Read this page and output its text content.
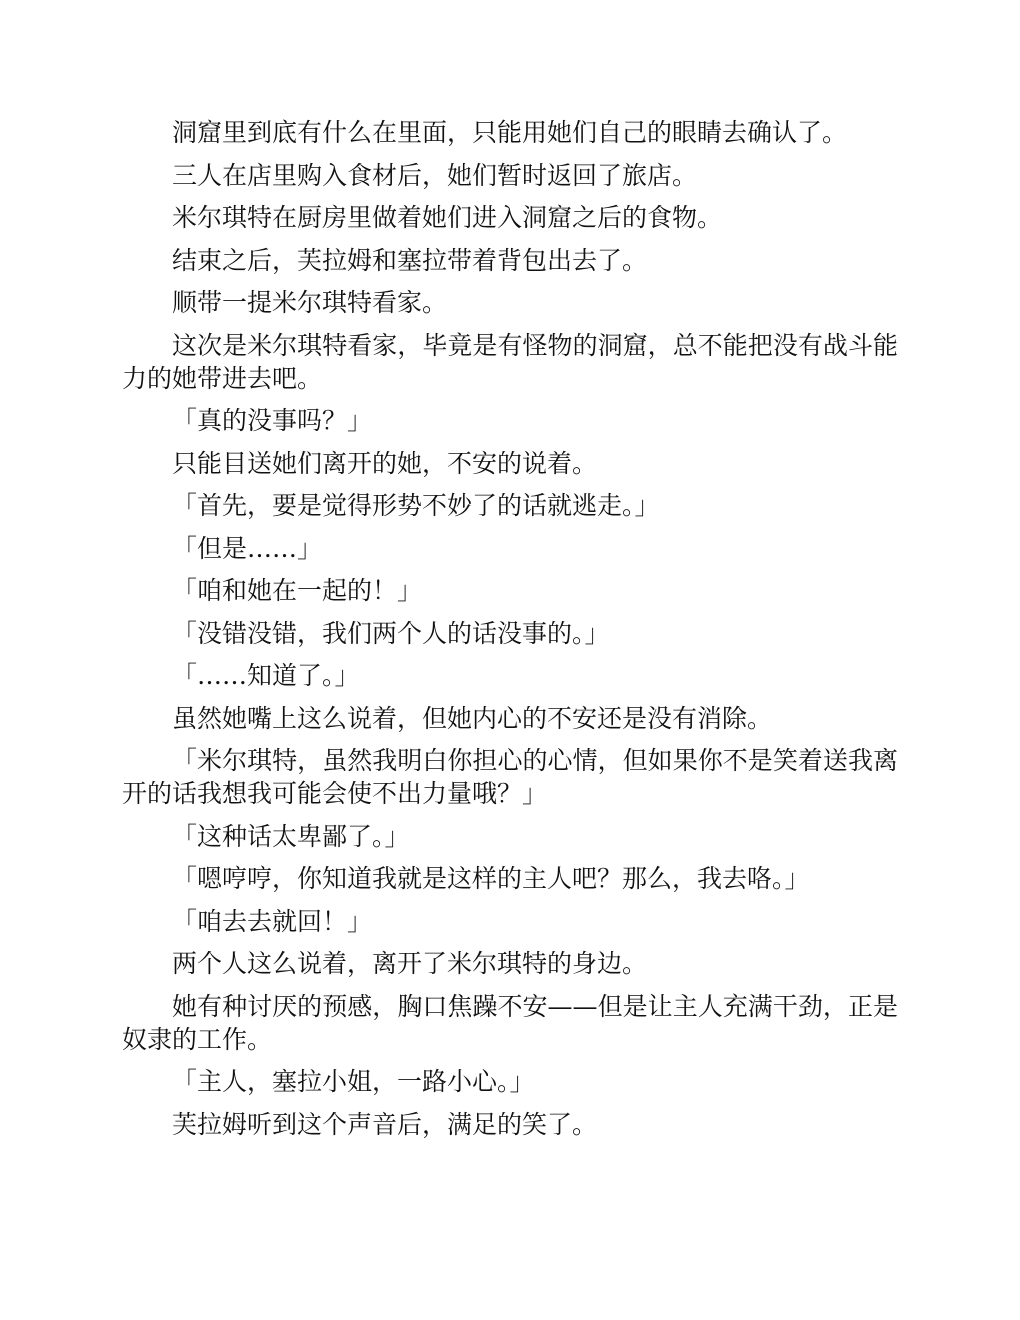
洞窟里到底有什么在里面，只能用她们自己的眼睛去确认了。

三人在店里购入食材后，她们暂时返回了旅店。

米尔琪特在厨房里做着她们进入洞窟之后的食物。

结束之后，芙拉姆和塞拉带着背包出去了。

顺带一提米尔琪特看家。

这次是米尔琪特看家，毕竟是有怪物的洞窟，总不能把没有战斗能力的她带进去吧。

「真的没事吗？」

只能目送她们离开的她，不安的说着。

「首先，要是觉得形势不妙了的话就逃走。」

「但是……」

「咱和她在一起的！」

「没错没错，我们两个人的话没事的。」

「……知道了。」

虽然她嘴上这么说着，但她内心的不安还是没有消除。

「米尔琪特，虽然我明白你担心的心情，但如果你不是笑着送我离开的话我想我可能会使不出力量哦？」

「这种话太卑鄙了。」

「嗯哼哼，你知道我就是这样的主人吧？那么，我去咯。」

「咱去去就回！」

两个人这么说着，离开了米尔琪特的身边。

她有种讨厌的预感，胸口焦躁不安——但是让主人充满干劲，正是奴隶的工作。

「主人，塞拉小姐，一路小心。」

芙拉姆听到这个声音后，满足的笑了。
